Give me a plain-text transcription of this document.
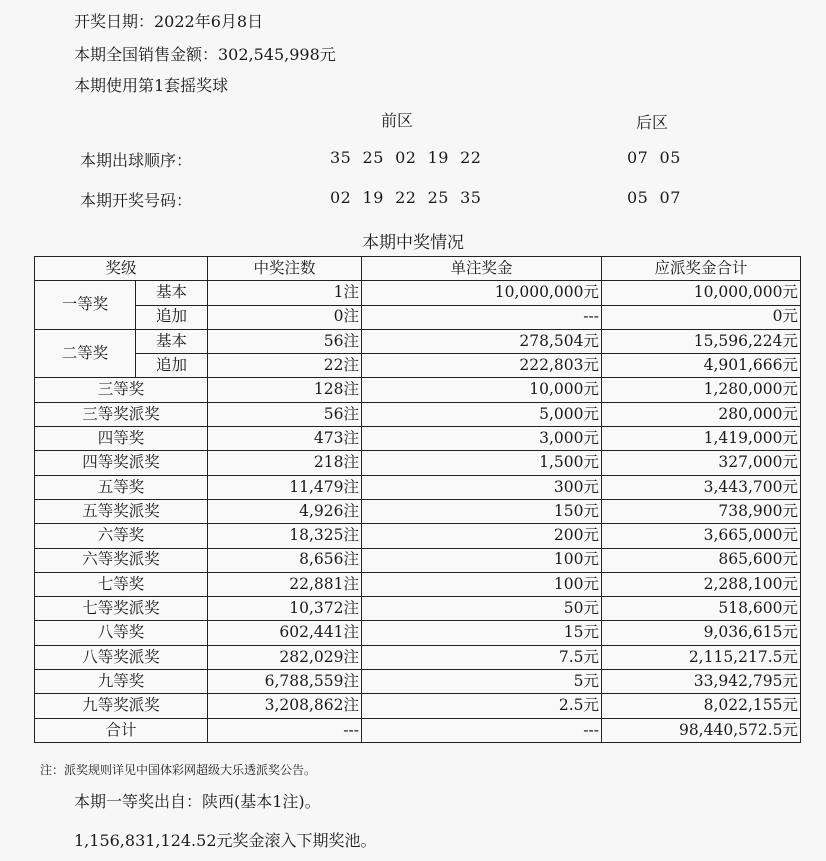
开奖日期：2022年6月8日
本期全国销售金额：302,545,998元
本期使用第1套摇奖球
前区	后区
本期出球顺序：	35  25  02  19  22	07  05
本期开奖号码：	02  19  22  25  35	05  07
本期中奖情况
奖级		中奖注数	单注奖金	应派奖金合计
一等奖	基本	1注	10,000,000元	10,000,000元
	追加	0注	---	0元
二等奖	基本	56注	278,504元	15,596,224元
	追加	22注	222,803元	4,901,666元
三等奖		128注	10,000元	1,280,000元
三等奖派奖		56注	5,000元	280,000元
四等奖		473注	3,000元	1,419,000元
四等奖派奖		218注	1,500元	327,000元
五等奖		11,479注	300元	3,443,700元
五等奖派奖		4,926注	150元	738,900元
六等奖		18,325注	200元	3,665,000元
六等奖派奖		8,656注	100元	865,600元
七等奖		22,881注	100元	2,288,100元
七等奖派奖		10,372注	50元	518,600元
八等奖		602,441注	15元	9,036,615元
八等奖派奖		282,029注	7.5元	2,115,217.5元
九等奖		6,788,559注	5元	33,942,795元
九等奖派奖		3,208,862注	2.5元	8,022,155元
合计		---	---	98,440,572.5元
注：派奖规则详见中国体彩网超级大乐透派奖公告。
本期一等奖出自：陕西(基本1注)。
1,156,831,124.52元奖金滚入下期奖池。
